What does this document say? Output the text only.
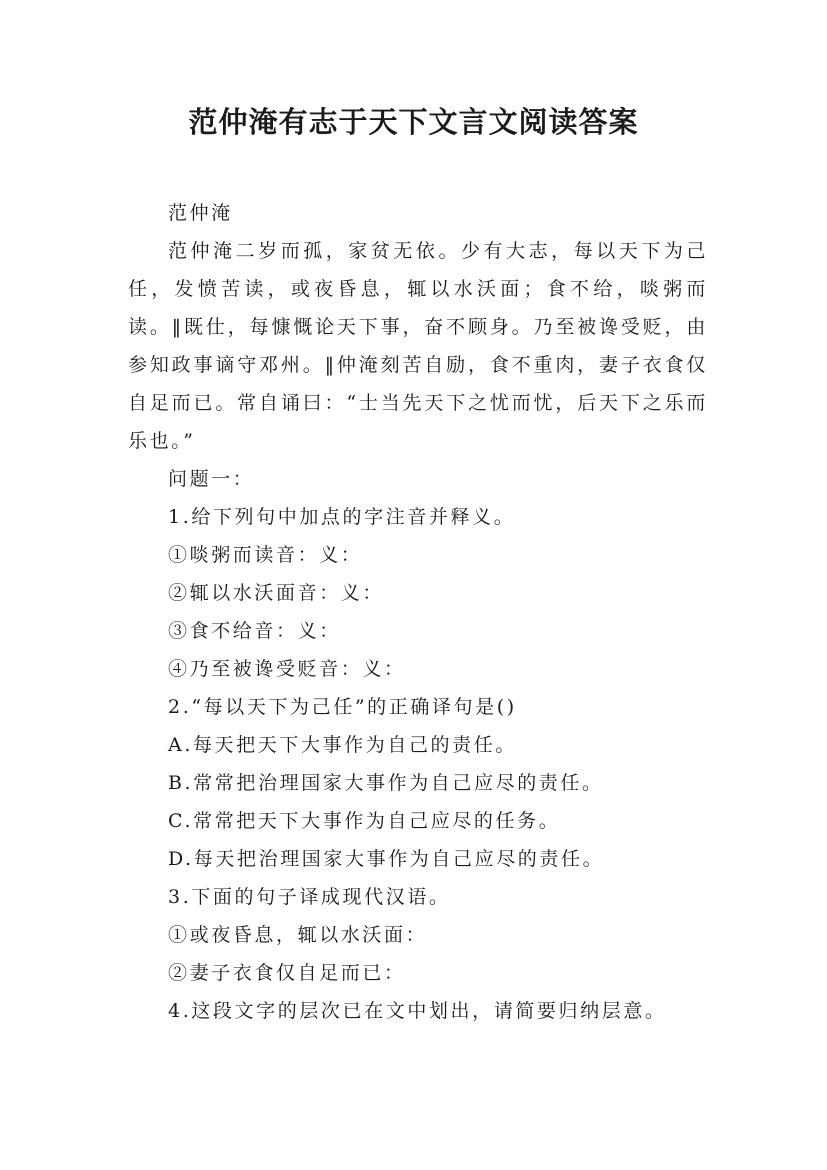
范仲淹有志于天下文言文阅读答案

范仲淹

范仲淹二岁而孤，家贫无依。少有大志，每以天下为己任，发愤苦读，或夜昏息，辄以水沃面；食不给，啖粥而读。‖既仕，每慷慨论天下事，奋不顾身。乃至被谗受贬，由参知政事谪守邓州。‖仲淹刻苦自励，食不重肉，妻子衣食仅自足而已。常自诵曰：“士当先天下之忧而忧，后天下之乐而乐也。”

问题一：

1.给下列句中加点的字注音并释义。

①啖粥而读音：义：

②辄以水沃面音：义：

③食不给音：义：

④乃至被谗受贬音：义：

2.“每以天下为己任”的正确译句是()

A.每天把天下大事作为自己的责任。

B.常常把治理国家大事作为自己应尽的责任。

C.常常把天下大事作为自己应尽的任务。

D.每天把治理国家大事作为自己应尽的责任。

3.下面的句子译成现代汉语。

①或夜昏息，辄以水沃面：

②妻子衣食仅自足而已：

4.这段文字的层次已在文中划出，请简要归纳层意。
